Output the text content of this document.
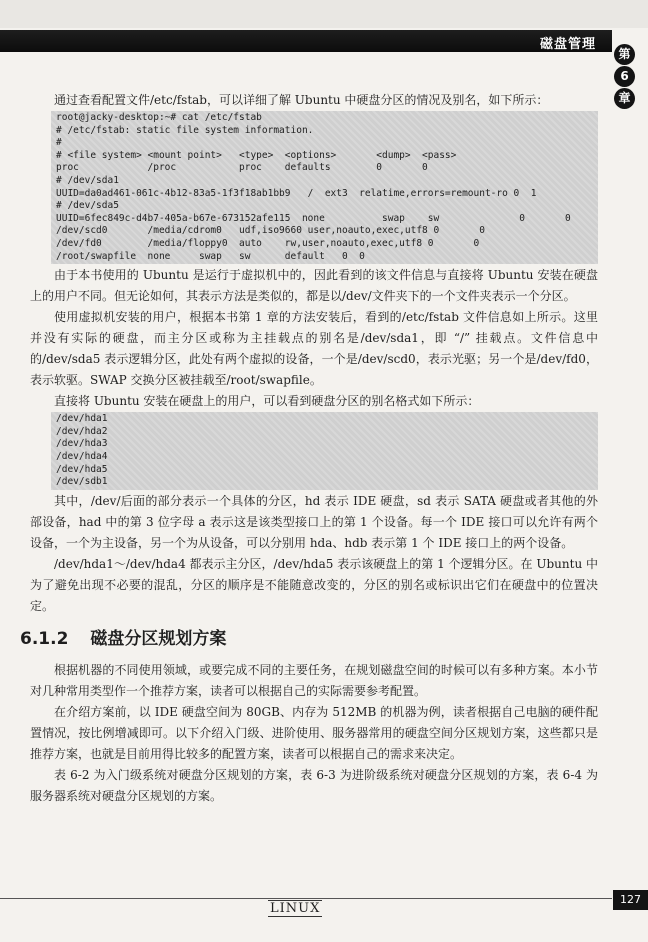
磁盘管理
第
6
章

通过查看配置文件/etc/fstab，可以详细了解 Ubuntu 中硬盘分区的情况及别名，如下所示：

root@jacky-desktop:~# cat /etc/fstab
# /etc/fstab: static file system information.
#
# <file system> <mount point>   <type>  <options>       <dump>  <pass>
proc            /proc           proc    defaults        0       0
# /dev/sda1
UUID=da0ad461-061c-4b12-83a5-1f3f18ab1bb9   /  ext3  relatime,errors=remount-ro 0  1
# /dev/sda5
UUID=6fec849c-d4b7-405a-b67e-673152afe115  none          swap    sw              0       0
/dev/scd0       /media/cdrom0   udf,iso9660 user,noauto,exec,utf8 0       0
/dev/fd0        /media/floppy0  auto    rw,user,noauto,exec,utf8 0       0
/root/swapfile  none     swap   sw      default   0  0

由于本书使用的 Ubuntu 是运行于虚拟机中的，因此看到的该文件信息与直接将 Ubuntu 安装在硬盘上的用户不同。但无论如何，其表示方法是类似的，都是以/dev/文件夹下的一个文件夹表示一个分区。

使用虚拟机安装的用户，根据本书第 1 章的方法安装后，看到的/etc/fstab 文件信息如上所示。这里并没有实际的硬盘，而主分区或称为主挂载点的别名是/dev/sda1，即 “/” 挂载点。文件信息中的/dev/sda5 表示逻辑分区，此处有两个虚拟的设备，一个是/dev/scd0，表示光驱；另一个是/dev/fd0，表示软驱。SWAP 交换分区被挂载至/root/swapfile。

直接将 Ubuntu 安装在硬盘上的用户，可以看到硬盘分区的别名格式如下所示：

/dev/hda1
/dev/hda2
/dev/hda3
/dev/hda4
/dev/hda5
/dev/sdb1

其中，/dev/后面的部分表示一个具体的分区，hd 表示 IDE 硬盘，sd 表示 SATA 硬盘或者其他的外部设备，had 中的第 3 位字母 a 表示这是该类型接口上的第 1 个设备。每一个 IDE 接口可以允许有两个设备，一个为主设备，另一个为从设备，可以分别用 hda、hdb 表示第 1 个 IDE 接口上的两个设备。

/dev/hda1～/dev/hda4 都表示主分区，/dev/hda5 表示该硬盘上的第 1 个逻辑分区。在 Ubuntu 中为了避免出现不必要的混乱，分区的顺序是不能随意改变的，分区的别名或标识出它们在硬盘中的位置决定。

6.1.2 磁盘分区规划方案

根据机器的不同使用领域，或要完成不同的主要任务，在规划磁盘空间的时候可以有多种方案。本小节对几种常用类型作一个推荐方案，读者可以根据自己的实际需要参考配置。

在介绍方案前，以 IDE 硬盘空间为 80GB、内存为 512MB 的机器为例，读者根据自己电脑的硬件配置情况，按比例增减即可。以下介绍入门级、进阶使用、服务器常用的硬盘空间分区规划方案，这些都只是推荐方案，也就是目前用得比较多的配置方案，读者可以根据自己的需求来决定。

表 6-2 为入门级系统对硬盘分区规划的方案，表 6-3 为进阶级系统对硬盘分区规划的方案，表 6-4 为服务器系统对硬盘分区规划的方案。

LINUX
127
